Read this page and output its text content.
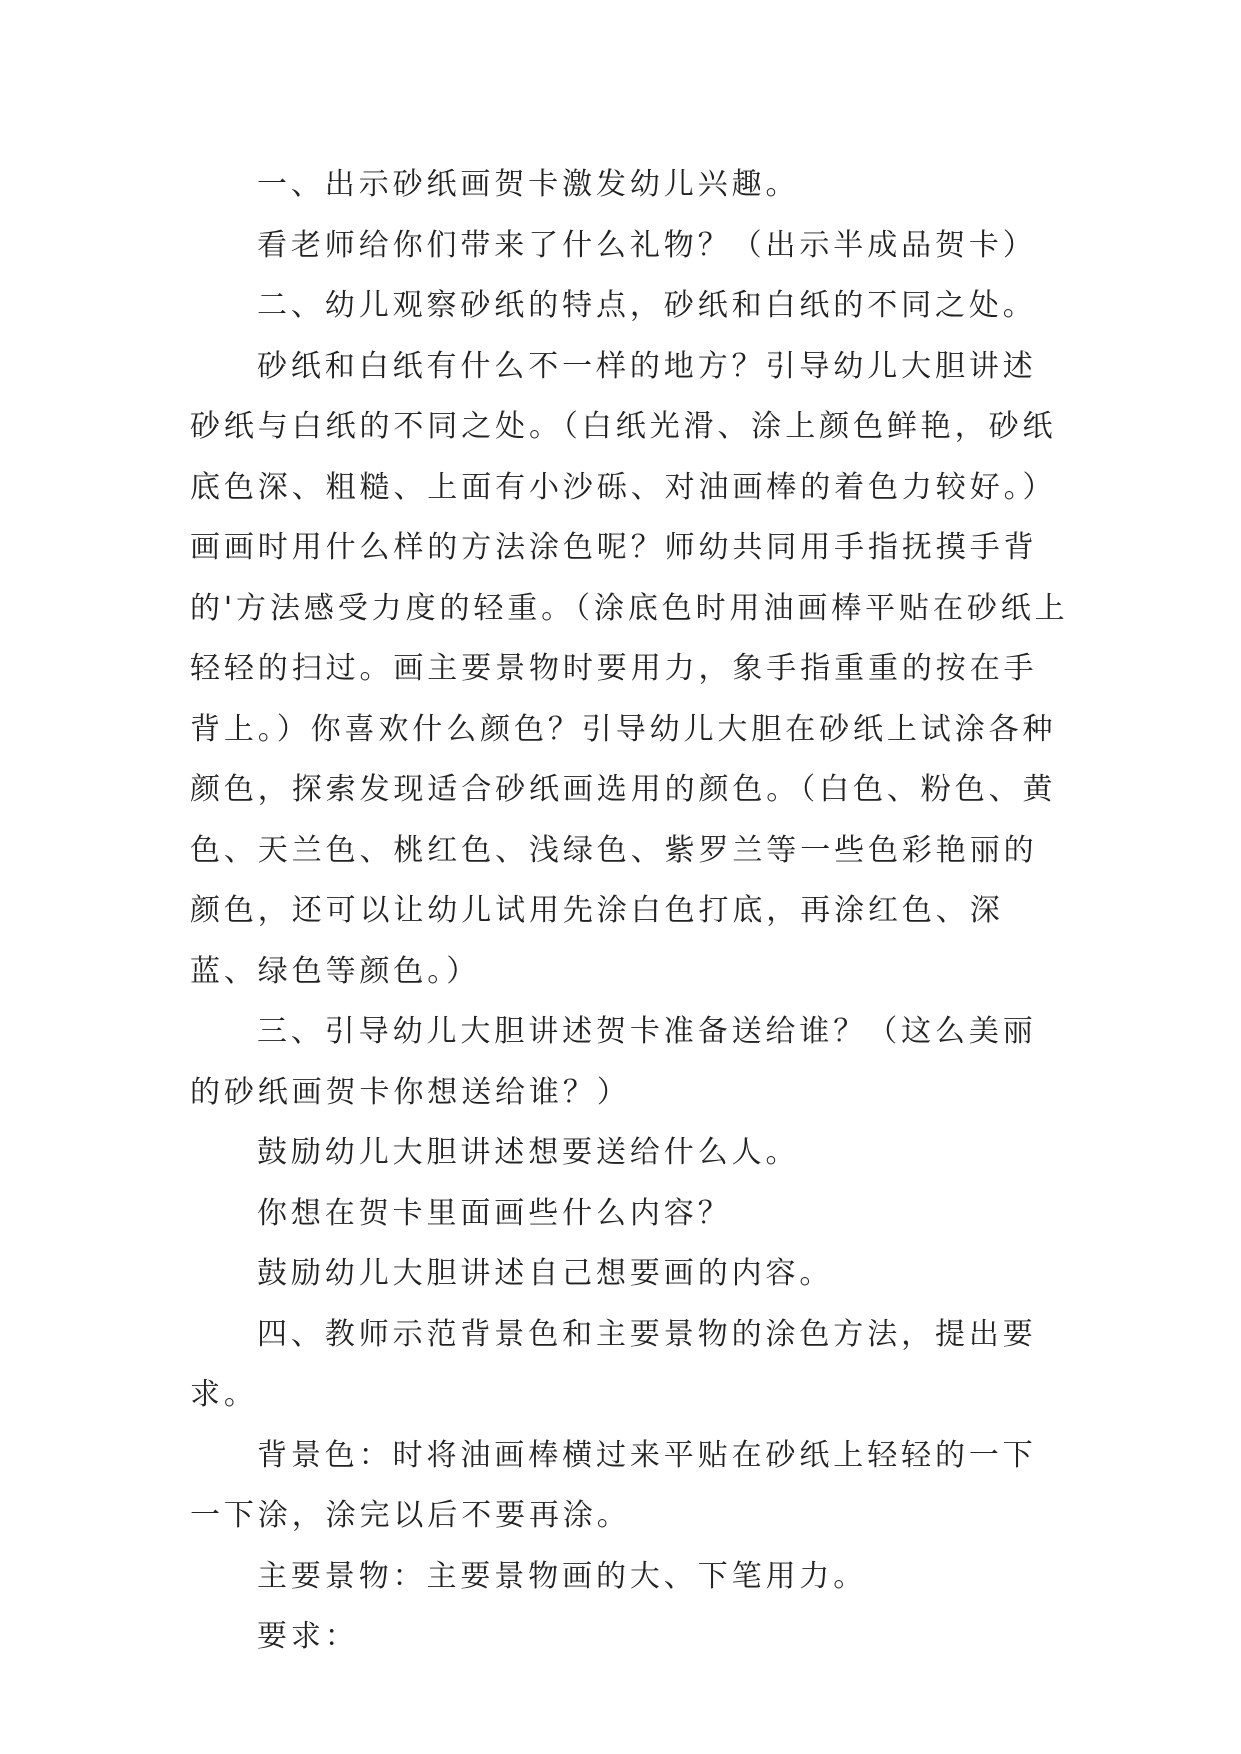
一、出示砂纸画贺卡激发幼儿兴趣。

看老师给你们带来了什么礼物？（出示半成品贺卡）

二、幼儿观察砂纸的特点，砂纸和白纸的不同之处。

砂纸和白纸有什么不一样的地方？引导幼儿大胆讲述砂纸与白纸的不同之处。（白纸光滑、涂上颜色鲜艳，砂纸底色深、粗糙、上面有小沙砾、对油画棒的着色力较好。）画画时用什么样的方法涂色呢？师幼共同用手指抚摸手背的'方法感受力度的轻重。（涂底色时用油画棒平贴在砂纸上轻轻的扫过。画主要景物时要用力，象手指重重的按在手背上。）你喜欢什么颜色？引导幼儿大胆在砂纸上试涂各种颜色，探索发现适合砂纸画选用的颜色。（白色、粉色、黄色、天兰色、桃红色、浅绿色、紫罗兰等一些色彩艳丽的颜色，还可以让幼儿试用先涂白色打底，再涂红色、深蓝、绿色等颜色。）

三、引导幼儿大胆讲述贺卡准备送给谁？（这么美丽的砂纸画贺卡你想送给谁？）

鼓励幼儿大胆讲述想要送给什么人。

你想在贺卡里面画些什么内容？

鼓励幼儿大胆讲述自己想要画的内容。

四、教师示范背景色和主要景物的涂色方法，提出要求。

背景色：时将油画棒横过来平贴在砂纸上轻轻的一下一下涂，涂完以后不要再涂。

主要景物：主要景物画的大、下笔用力。

要求：
